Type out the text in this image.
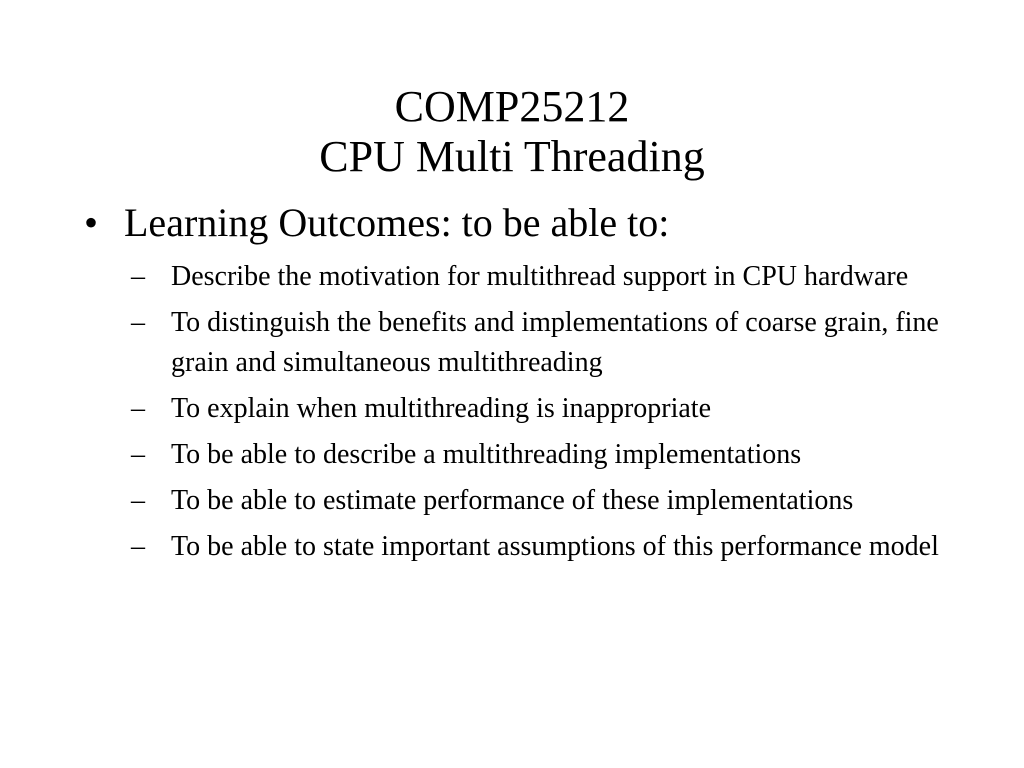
COMP25212
CPU Multi Threading
• Learning Outcomes: to be able to:
– Describe the motivation for multithread support in CPU hardware
– To distinguish the benefits and implementations of coarse grain, fine grain and simultaneous multithreading
– To explain when multithreading is inappropriate
– To be able to describe a multithreading implementations
– To be able to estimate performance of these implementations
– To be able to state important assumptions of this performance model
